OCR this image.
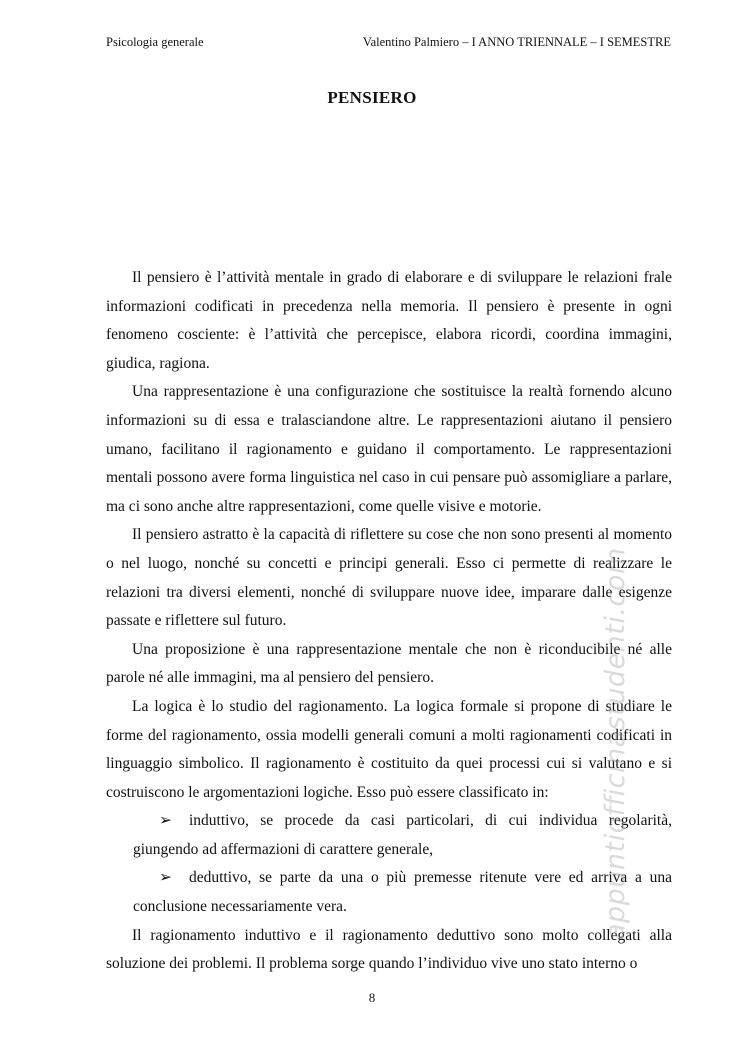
Psicologia generale	Valentino Palmiero – I ANNO TRIENNALE – I SEMESTRE
PENSIERO

Il pensiero è l’attività mentale in grado di elaborare e di sviluppare le relazioni frale informazioni codificati in precedenza nella memoria. Il pensiero è presente in ogni fenomeno cosciente: è l’attività che percepisce, elabora ricordi, coordina immagini, giudica, ragiona.

Una rappresentazione è una configurazione che sostituisce la realtà fornendo alcuno informazioni su di essa e tralasciandone altre. Le rappresentazioni aiutano il pensiero umano, facilitano il ragionamento e guidano il comportamento. Le rappresentazioni mentali possono avere forma linguistica nel caso in cui pensare può assomigliare a parlare, ma ci sono anche altre rappresentazioni, come quelle visive e motorie.

Il pensiero astratto è la capacità di riflettere su cose che non sono presenti al momento o nel luogo, nonché su concetti e principi generali. Esso ci permette di realizzare le relazioni tra diversi elementi, nonché di sviluppare nuove idee, imparare dalle esigenze passate e riflettere sul futuro.

Una proposizione è una rappresentazione mentale che non è riconducibile né alle parole né alle immagini, ma al pensiero del pensiero.

La logica è lo studio del ragionamento. La logica formale si propone di studiare le forme del ragionamento, ossia modelli generali comuni a molti ragionamenti codificati in linguaggio simbolico. Il ragionamento è costituito da quei processi cui si valutano e si costruiscono le argomentazioni logiche. Esso può essere classificato in:

➢ induttivo, se procede da casi particolari, di cui individua regolarità, giungendo ad affermazioni di carattere generale,

➢ deduttivo, se parte da una o più premesse ritenute vere ed arriva a una conclusione necessariamente vera.

Il ragionamento induttivo e il ragionamento deduttivo sono molto collegati alla soluzione dei problemi. Il problema sorge quando l’individuo vive uno stato interno o

8
appuntiofficinastudenti.com
